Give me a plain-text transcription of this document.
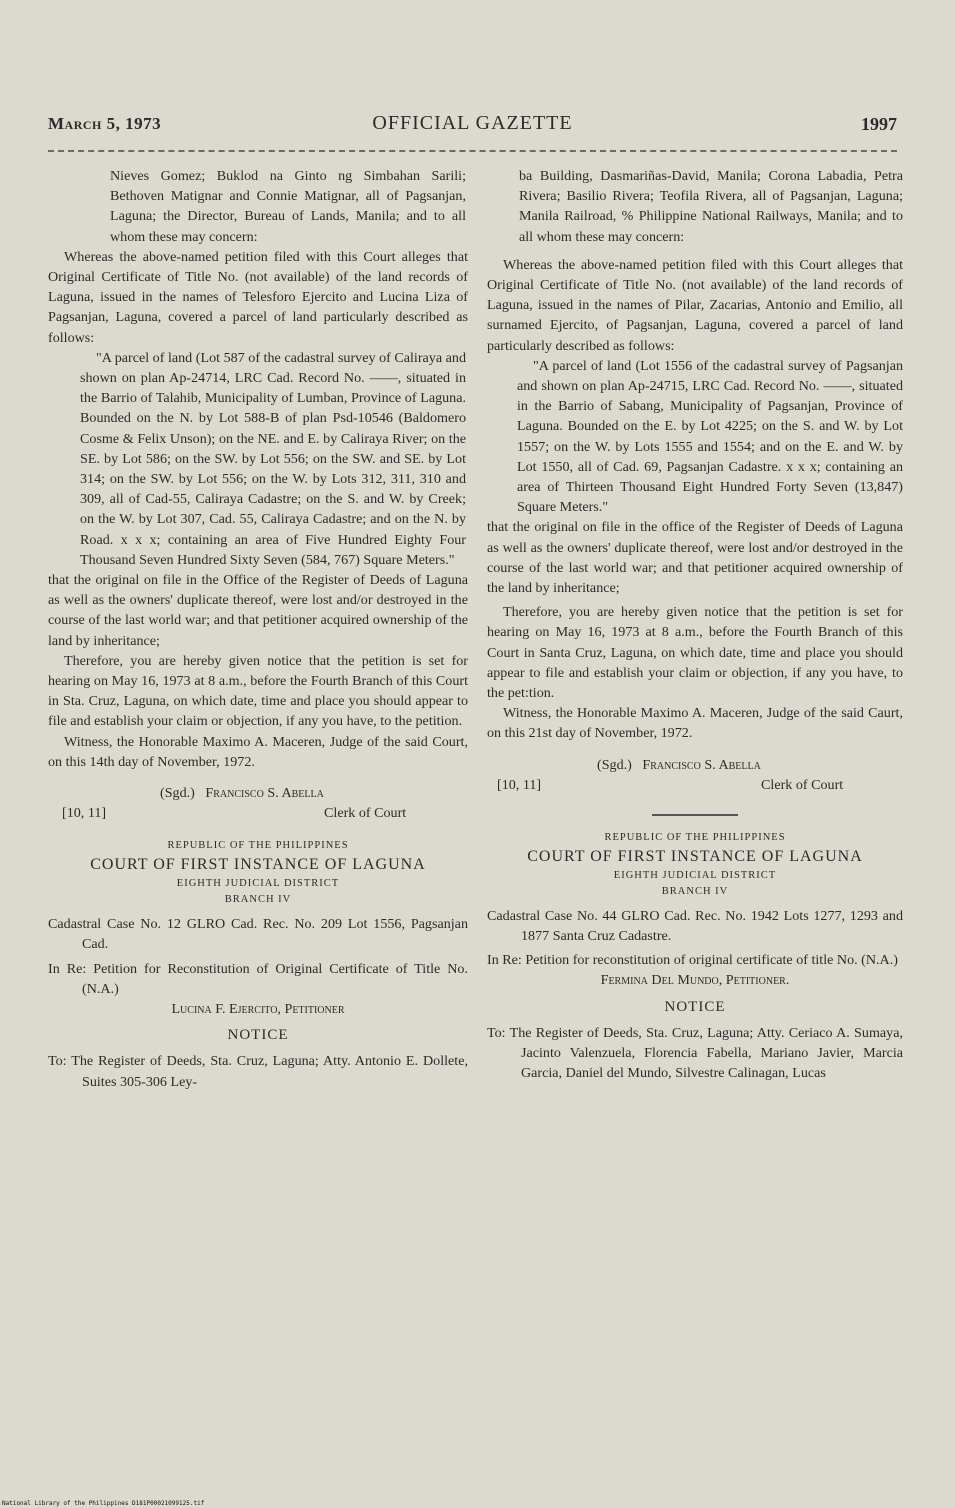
March 5, 1973	OFFICIAL GAZETTE	1997

Nieves Gomez; Buklod na Ginto ng Simbahan Sarili; Bethoven Matignar and Connie Matignar, all of Pagsanjan, Laguna; the Director, Bureau of Lands, Manila; and to all whom these may concern:

Whereas the above-named petition filed with this Court alleges that Original Certificate of Title No. (not available) of the land records of Laguna, issued in the names of Telesforo Ejercito and Lucina Liza of Pagsanjan, Laguna, covered a parcel of land particularly described as follows:

"A parcel of land (Lot 587 of the cadastral survey of Caliraya and shown on plan Ap-24714, LRC Cad. Record No. ——, situated in the Barrio of Talahib, Municipality of Lumban, Province of Laguna. Bounded on the N. by Lot 588-B of plan Psd-10546 (Baldomero Cosme & Felix Unson); on the NE. and E. by Caliraya River; on the SE. by Lot 586; on the SW. by Lot 556; on the SW. and SE. by Lot 314; on the SW. by Lot 556; on the W. by Lots 312, 311, 310 and 309, all of Cad-55, Caliraya Cadastre; on the S. and W. by Creek; on the W. by Lot 307, Cad. 55, Caliraya Cadastre; and on the N. by Road. x x x; containing an area of Five Hundred Eighty Four Thousand Seven Hundred Sixty Seven (584, 767) Square Meters."

that the original on file in the Office of the Register of Deeds of Laguna as well as the owners' duplicate thereof, were lost and/or destroyed in the course of the last world war; and that petitioner acquired ownership of the land by inheritance;

Therefore, you are hereby given notice that the petition is set for hearing on May 16, 1973 at 8 a.m., before the Fourth Branch of this Court in Sta. Cruz, Laguna, on which date, time and place you should appear to file and establish your claim or objection, if any you have, to the petition.

Witness, the Honorable Maximo A. Maceren, Judge of the said Court, on this 14th day of November, 1972.

(Sgd.) Francisco S. Abella
[10, 11]	Clerk of Court
REPUBLIC OF THE PHILIPPINES
COURT OF FIRST INSTANCE OF LAGUNA
EIGHTH JUDICIAL DISTRICT
BRANCH IV

Cadastral Case No. 12 GLRO Cad. Rec. No. 209 Lot 1556, Pagsanjan Cad.

In Re: Petition for Reconstitution of Original Certificate of Title No. (N.A.)

Lucina F. Ejercito, Petitioner

NOTICE

To: The Register of Deeds, Sta. Cruz, Laguna; Atty. Antonio E. Dollete, Suites 305-306 Ley-

ba Building, Dasmariñas-David, Manila; Corona Labadia, Petra Rivera; Basilio Rivera; Teofila Rivera, all of Pagsanjan, Laguna; Manila Railroad, % Philippine National Railways, Manila; and to all whom these may concern:

Whereas the above-named petition filed with this Court alleges that Original Certificate of Title No. (not available) of the land records of Laguna, issued in the names of Pilar, Zacarias, Antonio and Emilio, all surnamed Ejercito, of Pagsanjan, Laguna, covered a parcel of land particularly described as follows:

"A parcel of land (Lot 1556 of the cadastral survey of Pagsanjan and shown on plan Ap-24715, LRC Cad. Record No. ——, situated in the Barrio of Sabang, Municipality of Pagsanjan, Province of Laguna. Bounded on the E. by Lot 4225; on the S. and W. by Lot 1557; on the W. by Lots 1555 and 1554; and on the E. and W. by Lot 1550, all of Cad. 69, Pagsanjan Cadastre. x x x; containing an area of Thirteen Thousand Eight Hundred Forty Seven (13,847) Square Meters."

that the original on file in the office of the Register of Deeds of Laguna as well as the owners' duplicate thereof, were lost and/or destroyed in the course of the last world war; and that petitioner acquired ownership of the land by inheritance;

Therefore, you are hereby given notice that the petition is set for hearing on May 16, 1973 at 8 a.m., before the Fourth Branch of this Court in Santa Cruz, Laguna, on which date, time and place you should appear to file and establish your claim or objection, if any you have, to the pet:tion.

Witness, the Honorable Maximo A. Maceren, Judge of the said Caurt, on this 21st day of November, 1972.

(Sgd.) Francisco S. Abella
[10, 11]	Clerk of Court
REPUBLIC OF THE PHILIPPINES
COURT OF FIRST INSTANCE OF LAGUNA
EIGHTH JUDICIAL DISTRICT
BRANCH IV

Cadastral Case No. 44 GLRO Cad. Rec. No. 1942 Lots 1277, 1293 and 1877 Santa Cruz Cadastre.

In Re: Petition for reconstitution of original certificate of title No. (N.A.)

Fermina Del Mundo, Petitioner.

NOTICE

To: The Register of Deeds, Sta. Cruz, Laguna; Atty. Ceriaco A. Sumaya, Jacinto Valenzuela, Florencia Fabella, Mariano Javier, Marcia Garcia, Daniel del Mundo, Silvestre Calinagan, Lucas

National Library of the Philippines D181P00021099125.tif
